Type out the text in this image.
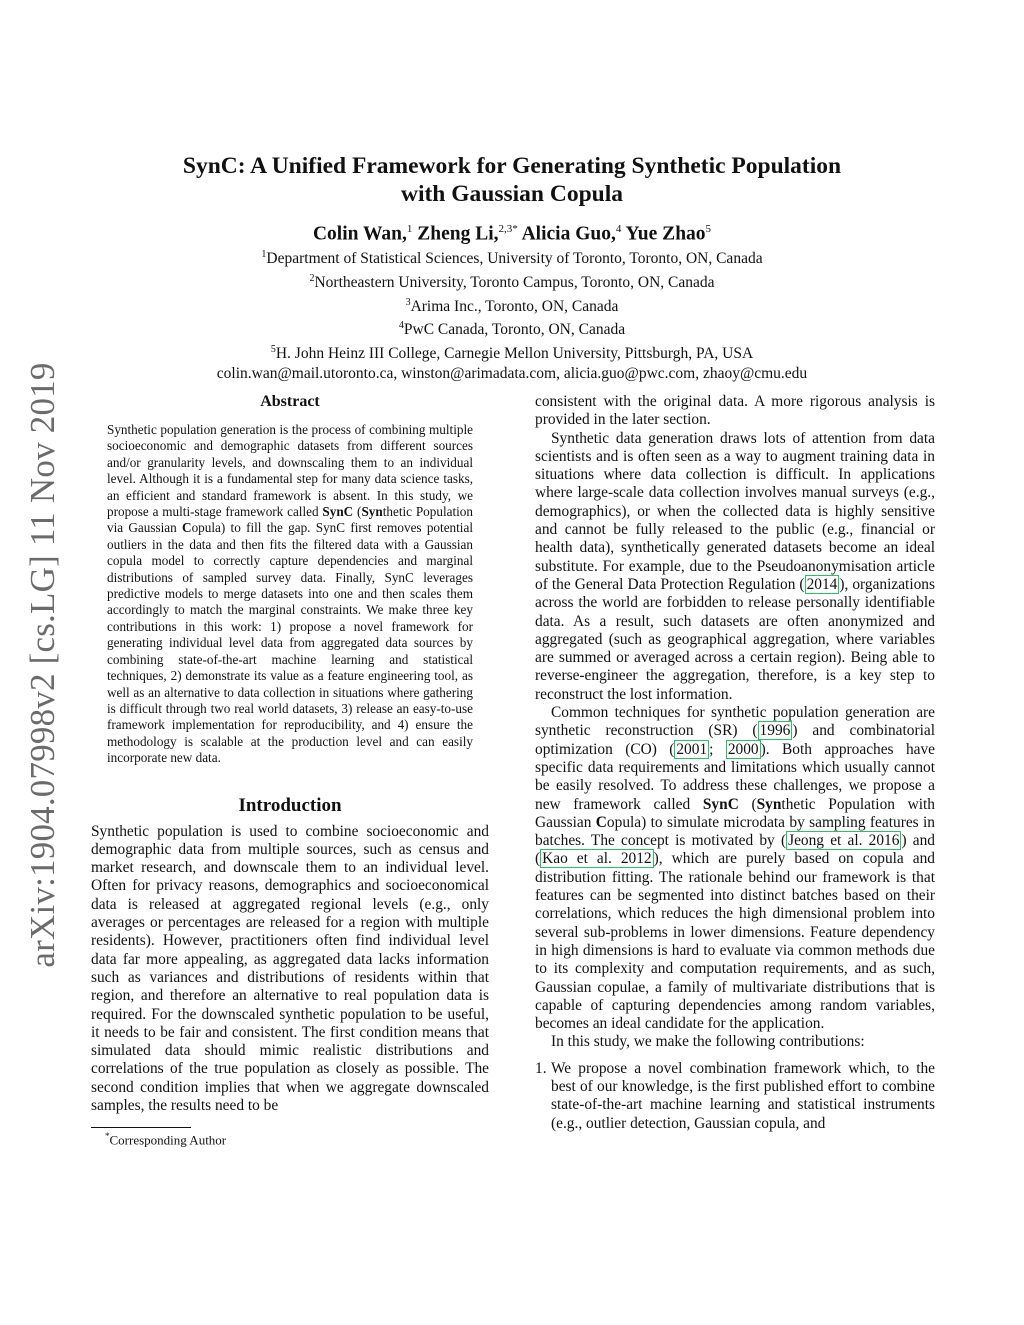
arXiv:1904.07998v2 [cs.LG] 11 Nov 2019
SynC: A Unified Framework for Generating Synthetic Population
with Gaussian Copula
Colin Wan,$^1$ Zheng Li,$^{2,3*}$ Alicia Guo,$^4$ Yue Zhao$^5$
$^1$Department of Statistical Sciences, University of Toronto, Toronto, ON, Canada
$^2$Northeastern University, Toronto Campus, Toronto, ON, Canada
$^3$Arima Inc., Toronto, ON, Canada
$^4$PwC Canada, Toronto, ON, Canada
$^5$H. John Heinz III College, Carnegie Mellon University, Pittsburgh, PA, USA
colin.wan@mail.utoronto.ca, winston@arimadata.com, alicia.guo@pwc.com, zhaoy@cmu.edu
Abstract

Synthetic population generation is the process of combining multiple socioeconomic and demographic datasets from different sources and/or granularity levels, and downscaling them to an individual level. Although it is a fundamental step for many data science tasks, an efficient and standard framework is absent. In this study, we propose a multi-stage framework called SynC (Synthetic Population via Gaussian Copula) to fill the gap. SynC first removes potential outliers in the data and then fits the filtered data with a Gaussian copula model to correctly capture dependencies and marginal distributions of sampled survey data. Finally, SynC leverages predictive models to merge datasets into one and then scales them accordingly to match the marginal constraints. We make three key contributions in this work: 1) propose a novel framework for generating individual level data from aggregated data sources by combining state-of-the-art machine learning and statistical techniques, 2) demonstrate its value as a feature engineering tool, as well as an alternative to data collection in situations where gathering is difficult through two real world datasets, 3) release an easy-to-use framework implementation for reproducibility, and 4) ensure the methodology is scalable at the production level and can easily incorporate new data.

Introduction

Synthetic population is used to combine socioeconomic and demographic data from multiple sources, such as census and market research, and downscale them to an individual level. Often for privacy reasons, demographics and socioeconomical data is released at aggregated regional levels (e.g., only averages or percentages are released for a region with multiple residents). However, practitioners often find individual level data far more appealing, as aggregated data lacks information such as variances and distributions of residents within that region, and therefore an alternative to real population data is required. For the downscaled synthetic population to be useful, it needs to be fair and consistent. The first condition means that simulated data should mimic realistic distributions and correlations of the true population as closely as possible. The second condition implies that when we aggregate downscaled samples, the results need to be

*Corresponding Author

consistent with the original data. A more rigorous analysis is provided in the later section.

Synthetic data generation draws lots of attention from data scientists and is often seen as a way to augment training data in situations where data collection is difficult. In applications where large-scale data collection involves manual surveys (e.g., demographics), or when the collected data is highly sensitive and cannot be fully released to the public (e.g., financial or health data), synthetically generated datasets become an ideal substitute. For example, due to the Pseudoanonymisation article of the General Data Protection Regulation ( 2014 ), organizations across the world are forbidden to release personally identifiable data. As a result, such datasets are often anonymized and aggregated (such as geographical aggregation, where variables are summed or averaged across a certain region). Being able to reverse-engineer the aggregation, therefore, is a key step to reconstruct the lost information.

Common techniques for synthetic population generation are synthetic reconstruction (SR) ( 1996 ) and combinatorial optimization (CO) ( 2001 ; 2000 ). Both approaches have specific data requirements and limitations which usually cannot be easily resolved. To address these challenges, we propose a new framework called SynC (Synthetic Population with Gaussian Copula) to simulate microdata by sampling features in batches. The concept is motivated by ( Jeong et al. 2016 ) and ( Kao et al. 2012 ), which are purely based on copula and distribution fitting. The rationale behind our framework is that features can be segmented into distinct batches based on their correlations, which reduces the high dimensional problem into several sub-problems in lower dimensions. Feature dependency in high dimensions is hard to evaluate via common methods due to its complexity and computation requirements, and as such, Gaussian copulae, a family of multivariate distributions that is capable of capturing dependencies among random variables, becomes an ideal candidate for the application.

In this study, we make the following contributions:

1. We propose a novel combination framework which, to the best of our knowledge, is the first published effort to combine state-of-the-art machine learning and statistical instruments (e.g., outlier detection, Gaussian copula, and
